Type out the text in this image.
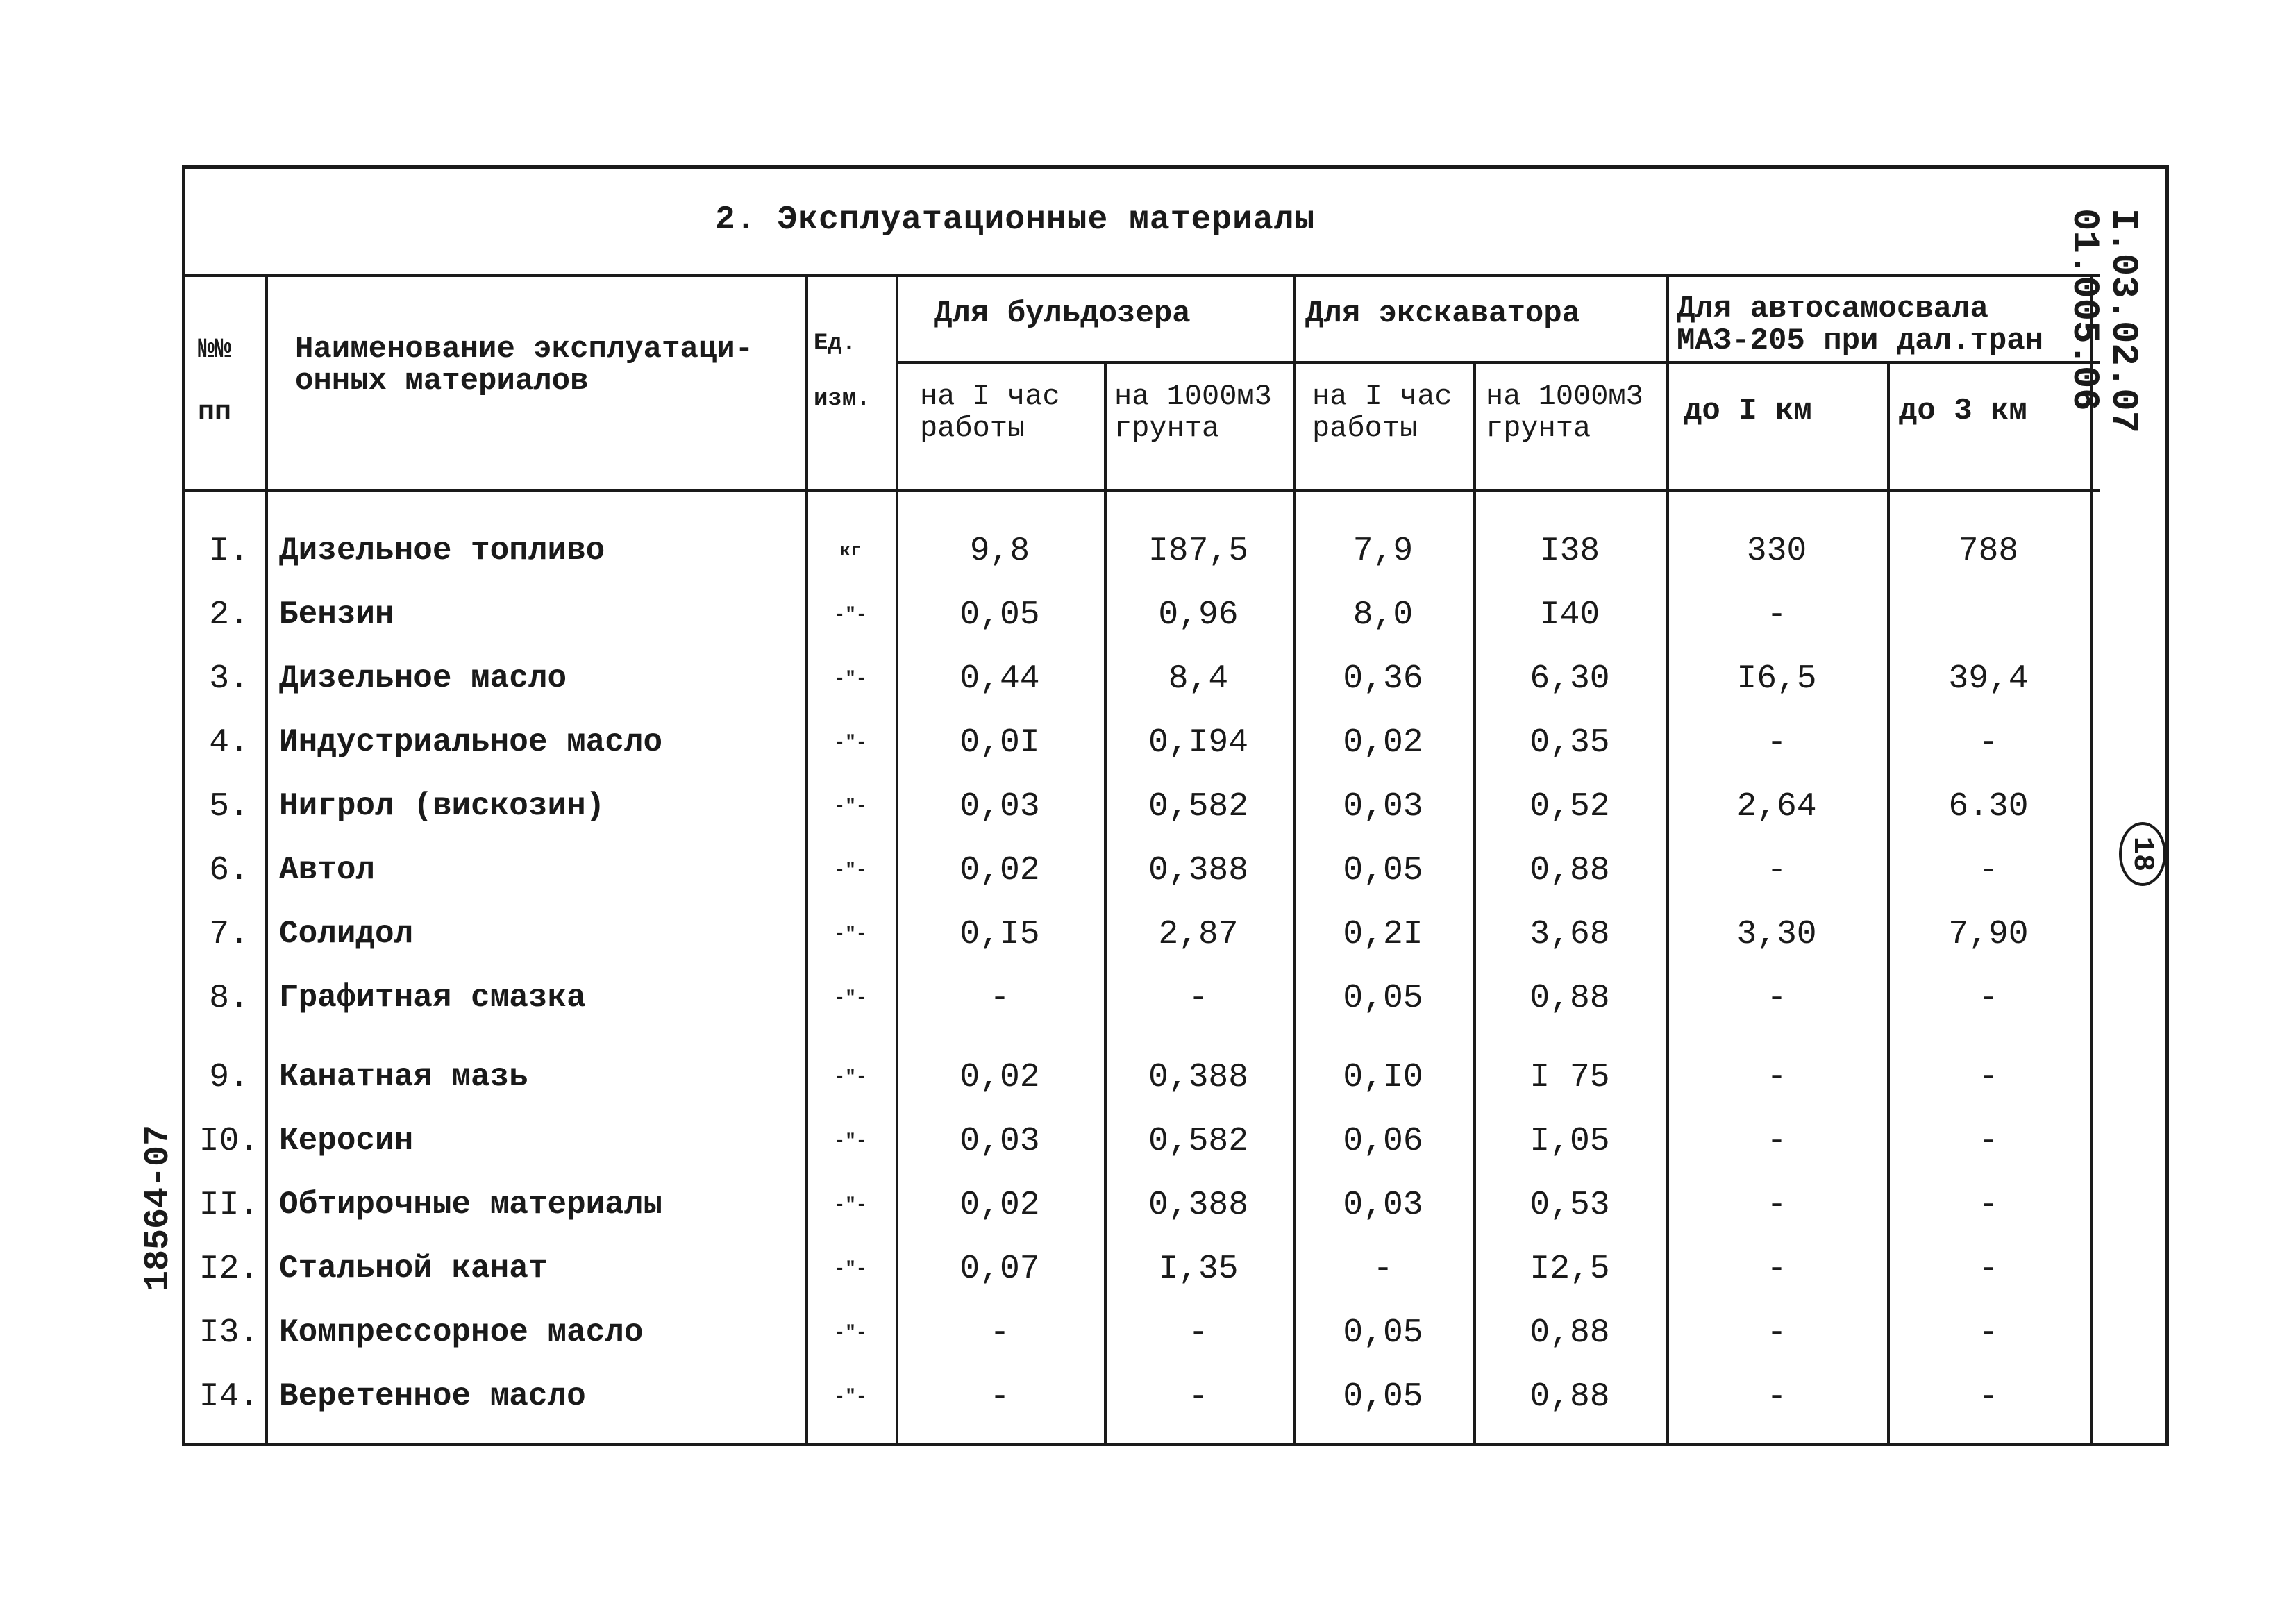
2. Эксплуатационные материалы
№№
пп
Наименование эксплуатаци-
онных материалов
Ед.
изм.
Для бульдозера	Для экскаватора	Для автосамосвала
МАЗ-205 при дал.тран
на I час
работы
на 1000м3
грунта
на I час
работы
на 1000м3
грунта	до I км	до 3 км	I.03.02.07
01.005.06
18564-07
18
I. Дизельное топливо	кг	9,8	I87,5	7,9	I38	330	788
2. Бензин	-"-	0,05	0,96	8,0	I40	-
3. Дизельное масло	-"-	0,44	8,4	0,36	6,30	I6,5	39,4
4. Индустриальное масло	-"-	0,0I	0,I94	0,02	0,35	-	-
5. Нигрол (вискозин)	-"-	0,03	0,582	0,03	0,52	2,64	6.30
6. Автол	-"-	0,02	0,388	0,05	0,88	-	-
7. Солидол	-"-	0,I5	2,87	0,2I	3,68	3,30	7,90
8. Графитная смазка	-"-	-	-	0,05	0,88	-	-
9. Канатная мазь	-"-	0,02	0,388	0,I0	I 75	-	-
I0. Керосин	-"-	0,03	0,582	0,06	I,05	-	-
II. Обтирочные материалы	-"-	0,02	0,388	0,03	0,53	-	-
I2. Стальной канат	-"-	0,07	I,35	-	I2,5	-	-
I3. Компрессорное масло	-"-	-	-	0,05	0,88	-	-
I4. Веретенное масло	-"-	-	-	0,05	0,88	-	-
